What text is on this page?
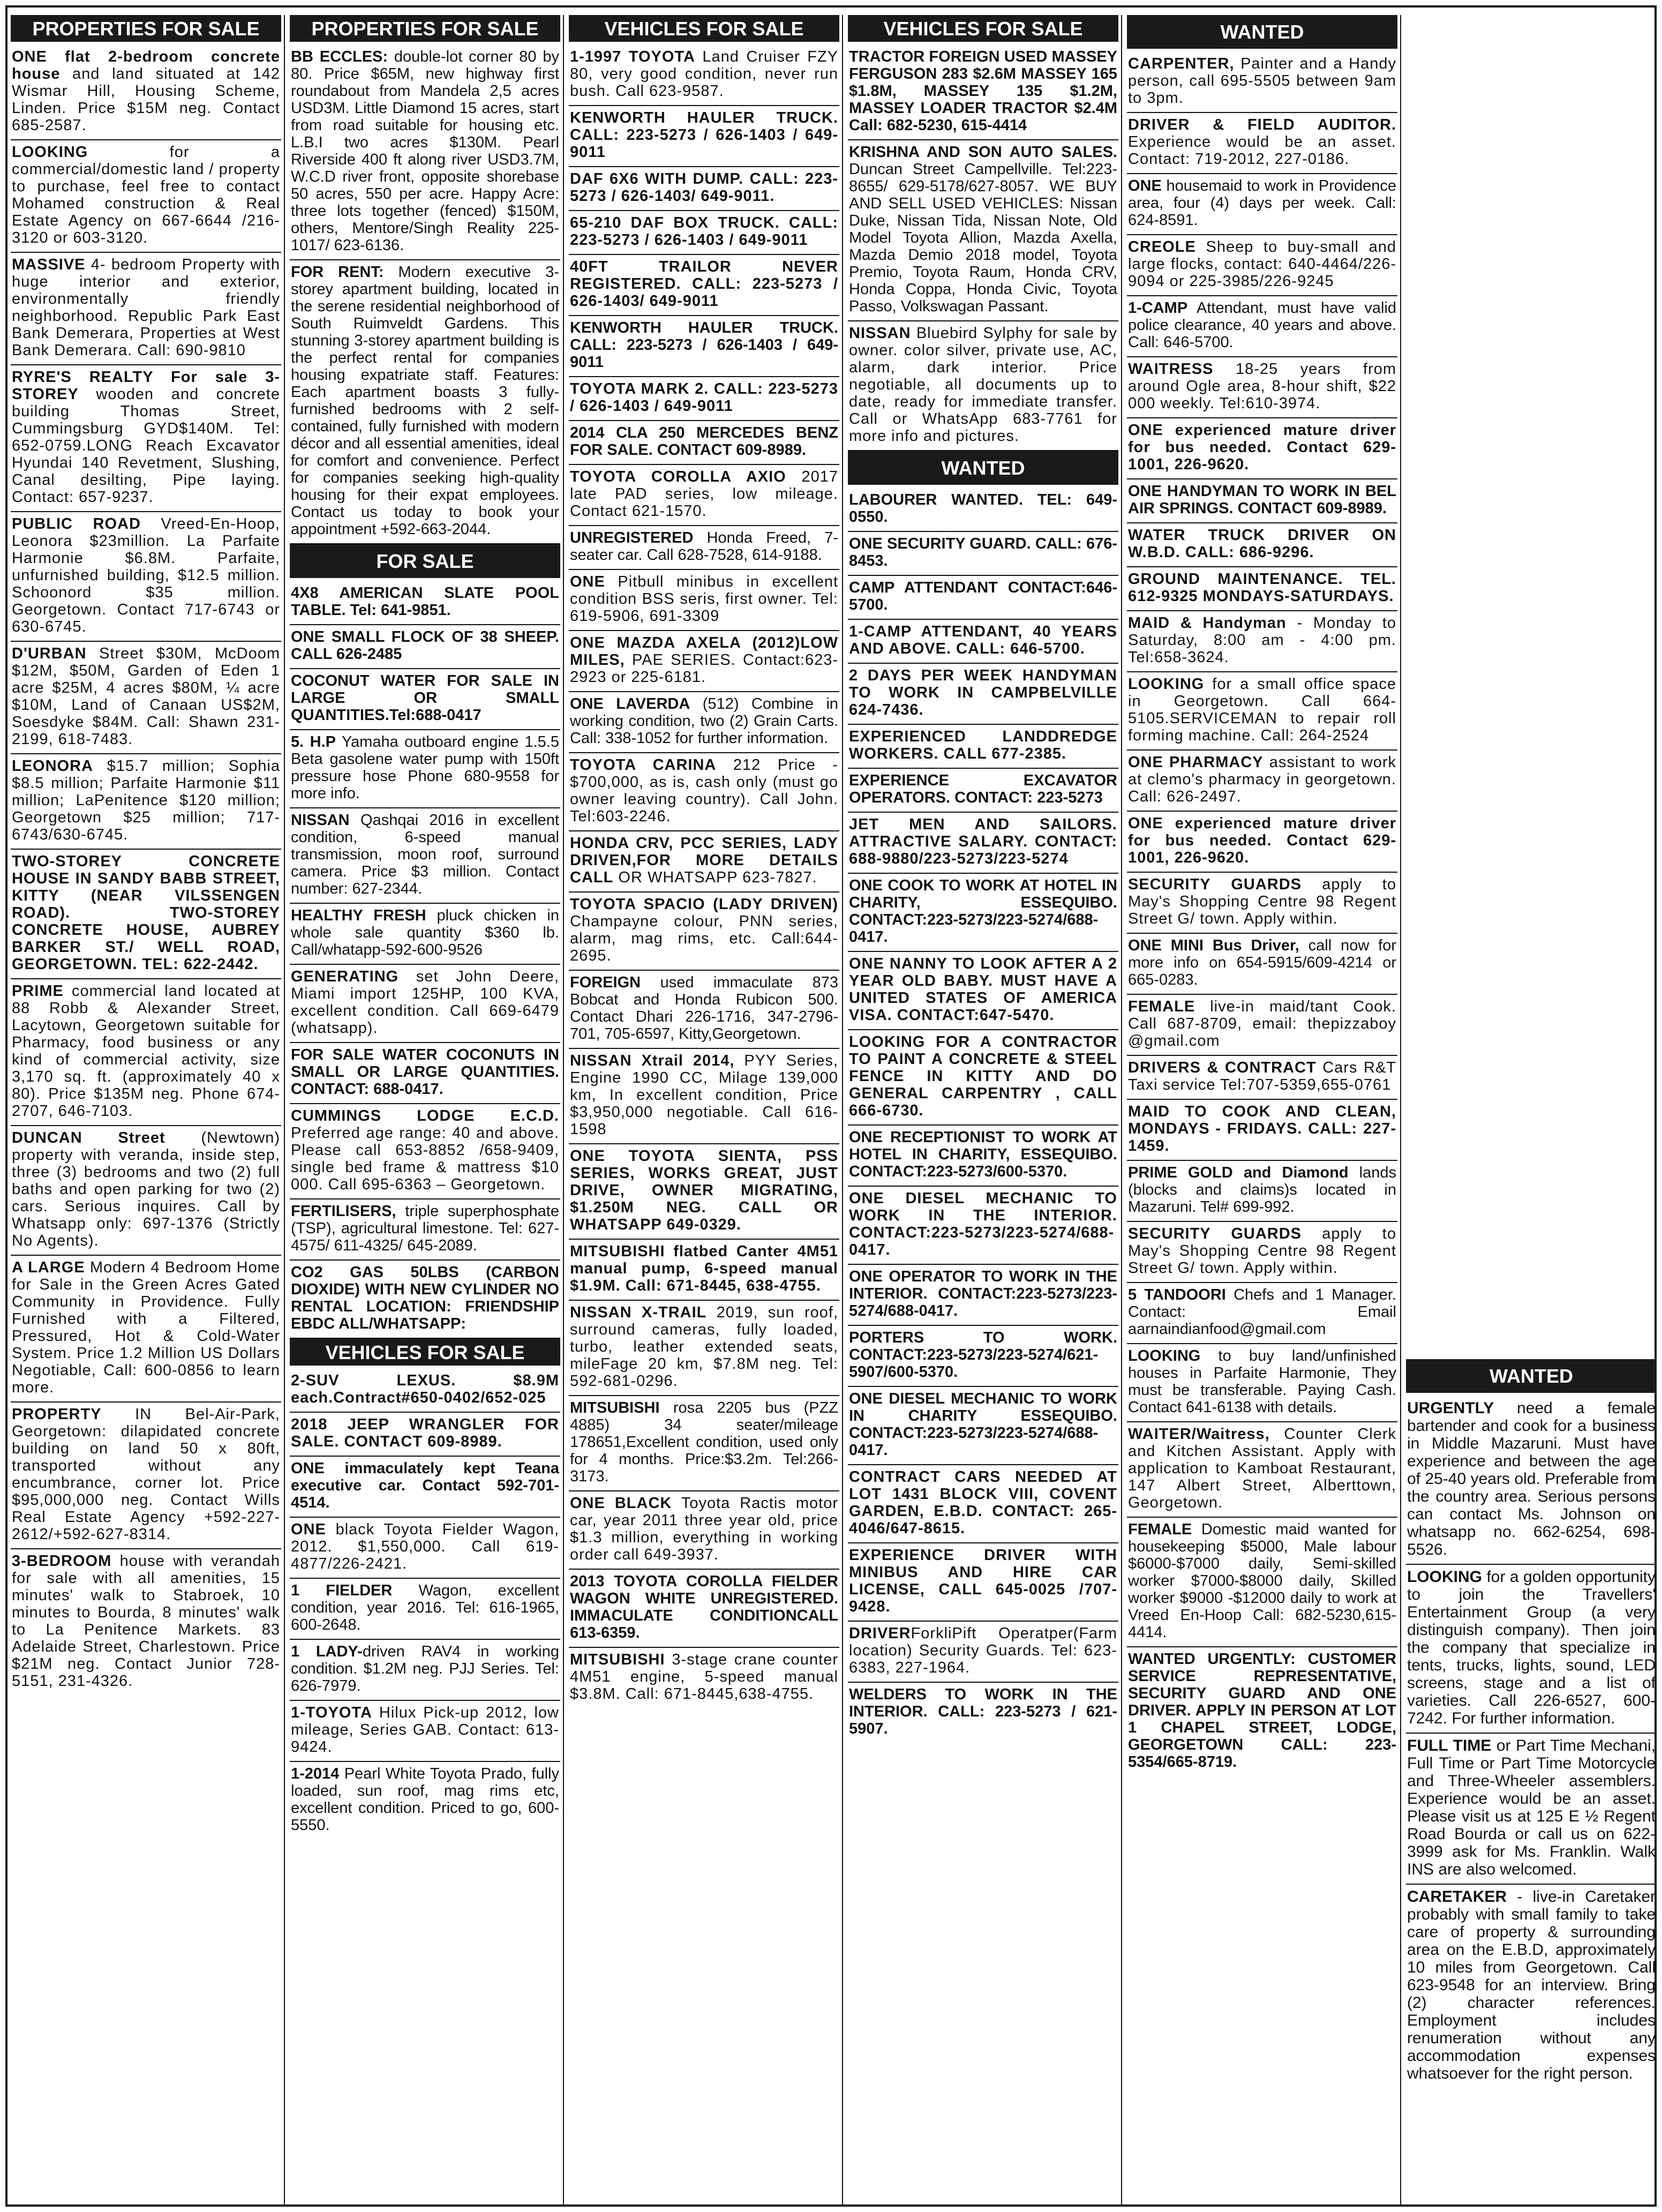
PROPERTIES FOR SALE
ONE flat 2-bedroom concrete house and land situated at 142 Wismar Hill, Housing Scheme, Linden. Price $15M neg. Contact 685-2587.
LOOKING for a commercial/domestic land / property to purchase, feel free to contact Mohamed construction & Real Estate Agency on 667-6644 /216-3120 or 603-3120.
MASSIVE 4- bedroom Property with huge interior and exterior, environmentally friendly neighborhood. Republic Park East Bank Demerara, Properties at West Bank Demerara. Call: 690-9810
RYRE'S REALTY For sale 3-STOREY wooden and concrete building Thomas Street, Cummingsburg GYD$140M. Tel: 652-0759.LONG Reach Excavator Hyundai 140 Revetment, Slushing, Canal desilting, Pipe laying. Contact: 657-9237.
PUBLIC ROAD Vreed-En-Hoop, Leonora $23million. La Parfaite Harmonie $6.8M. Parfaite, unfurnished building, $12.5 million. Schoonord $35 million. Georgetown. Contact 717-6743 or 630-6745.
D'URBAN Street $30M, McDoom $12M, $50M, Garden of Eden 1 acre $25M, 4 acres $80M, ¼ acre $10M, Land of Canaan US$2M, Soesdyke $84M. Call: Shawn 231-2199, 618-7483.
LEONORA $15.7 million; Sophia $8.5 million; Parfaite Harmonie $11 million; LaPenitence $120 million; Georgetown $25 million; 717-6743/630-6745.
TWO-STOREY CONCRETE HOUSE IN SANDY BABB STREET, KITTY (NEAR VILSSENGEN ROAD). TWO-STOREY CONCRETE HOUSE, AUBREY BARKER ST./ WELL ROAD, GEORGETOWN. TEL: 622-2442.
PRIME commercial land located at 88 Robb & Alexander Street, Lacytown, Georgetown suitable for Pharmacy, food business or any kind of commercial activity, size 3,170 sq. ft. (approximately 40 x 80). Price $135M neg. Phone 674-2707, 646-7103.
DUNCAN Street (Newtown) property with veranda, inside step, three (3) bedrooms and two (2) full baths and open parking for two (2) cars. Serious inquires. Call by Whatsapp only: 697-1376 (Strictly No Agents).
A LARGE Modern 4 Bedroom Home for Sale in the Green Acres Gated Community in Providence. Fully Furnished with a Filtered, Pressured, Hot & Cold-Water System. Price 1.2 Million US Dollars Negotiable, Call: 600-0856 to learn more.
PROPERTY IN Bel-Air-Park, Georgetown: dilapidated concrete building on land 50 x 80ft, transported without any encumbrance, corner lot. Price $95,000,000 neg. Contact Wills Real Estate Agency +592-227-2612/+592-627-8314.
3-BEDROOM house with verandah for sale with all amenities, 15 minutes' walk to Stabroek, 10 minutes to Bourda, 8 minutes' walk to La Penitence Markets. 83 Adelaide Street, Charlestown. Price $21M neg. Contact Junior 728-5151, 231-4326.
PROPERTIES FOR SALE
BB ECCLES: double-lot corner 80 by 80. Price $65M, new highway first roundabout from Mandela 2,5 acres USD3M. Little Diamond 15 acres, start from road suitable for housing etc. L.B.I two acres $130M. Pearl Riverside 400 ft along river USD3.7M, W.C.D river front, opposite shorebase 50 acres, 550 per acre. Happy Acre: three lots together (fenced) $150M, others, Mentore/Singh Reality 225-1017/ 623-6136.
FOR RENT: Modern executive 3-storey apartment building, located in the serene residential neighborhood of South Ruimveldt Gardens. This stunning 3-storey apartment building is the perfect rental for companies housing expatriate staff. Features: Each apartment boasts 3 fully- furnished bedrooms with 2 self-contained, fully furnished with modern décor and all essential amenities, ideal for comfort and convenience. Perfect for companies seeking high-quality housing for their expat employees. Contact us today to book your appointment +592-663-2044.
FOR SALE
4X8 AMERICAN SLATE POOL TABLE. Tel: 641-9851.
ONE SMALL FLOCK OF 38 SHEEP. CALL 626-2485
COCONUT WATER FOR SALE IN LARGE OR SMALL QUANTITIES.Tel:688-0417
5. H.P Yamaha outboard engine 1.5.5 Beta gasolene water pump with 150ft pressure hose Phone 680-9558 for more info.
NISSAN Qashqai 2016 in excellent condition, 6-speed manual transmission, moon roof, surround camera. Price $3 million. Contact number: 627-2344.
HEALTHY FRESH pluck chicken in whole sale quantity $360 lb. Call/whatapp-592-600-9526
GENERATING set John Deere, Miami import 125HP, 100 KVA, excellent condition. Call 669-6479 (whatsapp).
FOR SALE WATER COCONUTS IN SMALL OR LARGE QUANTITIES. CONTACT: 688-0417.
CUMMINGS LODGE E.C.D. Preferred age range: 40 and above. Please call 653-8852 /658-9409, single bed frame & mattress $10 000. Call 695-6363 – Georgetown.
FERTILISERS, triple superphosphate (TSP), agricultural limestone. Tel: 627-4575/ 611-4325/ 645-2089.
CO2 GAS 50LBS (CARBON DIOXIDE) WITH NEW CYLINDER NO RENTAL LOCATION: FRIENDSHIP EBDC ALL/WHATSAPP:
VEHICLES FOR SALE
2-SUV LEXUS. $8.9M each.Contract#650-0402/652-025
2018 JEEP WRANGLER FOR SALE. CONTACT 609-8989.
ONE immaculately kept Teana executive car. Contact 592-701-4514.
ONE black Toyota Fielder Wagon, 2012. $1,550,000. Call 619-4877/226-2421.
1 FIELDER Wagon, excellent condition, year 2016. Tel: 616-1965, 600-2648.
1 LADY-driven RAV4 in working condition. $1.2M neg. PJJ Series. Tel: 626-7979.
1-TOYOTA Hilux Pick-up 2012, low mileage, Series GAB. Contact: 613-9424.
1-2014 Pearl White Toyota Prado, fully loaded, sun roof, mag rims etc, excellent condition. Priced to go, 600-5550.
VEHICLES FOR SALE
1-1997 TOYOTA Land Cruiser FZY 80, very good condition, never run bush. Call 623-9587.
KENWORTH HAULER TRUCK. CALL: 223-5273 / 626-1403 / 649-9011
DAF 6X6 WITH DUMP. CALL: 223-5273 / 626-1403/ 649-9011.
65-210 DAF BOX TRUCK. CALL: 223-5273 / 626-1403 / 649-9011
40FT TRAILOR NEVER REGISTERED. CALL: 223-5273 / 626-1403/ 649-9011
KENWORTH HAULER TRUCK. CALL: 223-5273 / 626-1403 / 649-9011
TOYOTA MARK 2. CALL: 223-5273 / 626-1403 / 649-9011
2014 CLA 250 MERCEDES BENZ FOR SALE. CONTACT 609-8989.
TOYOTA COROLLA AXIO 2017 late PAD series, low mileage. Contact 621-1570.
UNREGISTERED Honda Freed, 7-seater car. Call 628-7528, 614-9188.
ONE Pitbull minibus in excellent condition BSS seris, first owner. Tel: 619-5906, 691-3309
ONE MAZDA AXELA (2012)LOW MILES, PAE SERIES. Contact:623-2923 or 225-6181.
ONE LAVERDA (512) Combine in working condition, two (2) Grain Carts. Call: 338-1052 for further information.
TOYOTA CARINA 212 Price - $700,000, as is, cash only (must go owner leaving country). Call John. Tel:603-2246.
HONDA CRV, PCC SERIES, LADY DRIVEN,FOR MORE DETAILS CALL OR WHATSAPP 623-7827.
TOYOTA SPACIO (LADY DRIVEN) Champayne colour, PNN series, alarm, mag rims, etc. Call:644-2695.
FOREIGN used immaculate 873 Bobcat and Honda Rubicon 500. Contact Dhari 226-1716, 347-2796-701, 705-6597, Kitty,Georgetown.
NISSAN Xtrail 2014, PYY Series, Engine 1990 CC, Milage 139,000 km, In excellent condition, Price $3,950,000 negotiable. Call 616-1598
ONE TOYOTA SIENTA, PSS SERIES, WORKS GREAT, JUST DRIVE, OWNER MIGRATING, $1.250M NEG. CALL OR WHATSAPP 649-0329.
MITSUBISHI flatbed Canter 4M51 manual pump, 6-speed manual $1.9M. Call: 671-8445, 638-4755.
NISSAN X-TRAIL 2019, sun roof, surround cameras, fully loaded, turbo, leather extended seats, mileFage 20 km, $7.8M neg. Tel: 592-681-0296.
MITSUBISHI rosa 2205 bus (PZZ 4885) 34 seater/mileage 178651,Excellent condition, used only for 4 months. Price:$3.2m. Tel:266-3173.
ONE BLACK Toyota Ractis motor car, year 2011 three year old, price $1.3 million, everything in working order call 649-3937.
2013 TOYOTA COROLLA FIELDER WAGON WHITE UNREGISTERED. IMMACULATE CONDITIONCALL 613-6359.
MITSUBISHI 3-stage crane counter 4M51 engine, 5-speed manual $3.8M. Call: 671-8445,638-4755.
VEHICLES FOR SALE
TRACTOR FOREIGN USED MASSEY FERGUSON 283 $2.6M MASSEY 165 $1.8M, MASSEY 135 $1.2M, MASSEY LOADER TRACTOR $2.4M Call: 682-5230, 615-4414
KRISHNA AND SON AUTO SALES. Duncan Street Campellville. Tel:223-8655/ 629-5178/627-8057. WE BUY AND SELL USED VEHICLES: Nissan Duke, Nissan Tida, Nissan Note, Old Model Toyota Allion, Mazda Axella, Mazda Demio 2018 model, Toyota Premio, Toyota Raum, Honda CRV, Honda Coppa, Honda Civic, Toyota Passo, Volkswagan Passant.
NISSAN Bluebird Sylphy for sale by owner. color silver, private use, AC, alarm, dark interior. Price negotiable, all documents up to date, ready for immediate transfer. Call or WhatsApp 683-7761 for more info and pictures.
WANTED
LABOURER WANTED. TEL: 649-0550.
ONE SECURITY GUARD. CALL: 676-8453.
CAMP ATTENDANT CONTACT:646-5700.
1-CAMP ATTENDANT, 40 YEARS AND ABOVE. CALL: 646-5700.
2 DAYS PER WEEK HANDYMAN TO WORK IN CAMPBELVILLE 624-7436.
EXPERIENCED LANDDREDGE WORKERS. CALL 677-2385.
EXPERIENCE EXCAVATOR OPERATORS. CONTACT: 223-5273
JET MEN AND SAILORS. ATTRACTIVE SALARY. CONTACT: 688-9880/223-5273/223-5274
ONE COOK TO WORK AT HOTEL IN CHARITY, ESSEQUIBO. CONTACT:223-5273/223-5274/688-0417.
ONE NANNY TO LOOK AFTER A 2 YEAR OLD BABY. MUST HAVE A UNITED STATES OF AMERICA VISA. CONTACT:647-5470.
LOOKING FOR A CONTRACTOR TO PAINT A CONCRETE & STEEL FENCE IN KITTY AND DO GENERAL CARPENTRY , CALL 666-6730.
ONE RECEPTIONIST TO WORK AT HOTEL IN CHARITY, ESSEQUIBO. CONTACT:223-5273/600-5370.
ONE DIESEL MECHANIC TO WORK IN THE INTERIOR. CONTACT:223-5273/223-5274/688-0417.
ONE OPERATOR TO WORK IN THE INTERIOR. CONTACT:223-5273/223-5274/688-0417.
PORTERS TO WORK. CONTACT:223-5273/223-5274/621-5907/600-5370.
ONE DIESEL MECHANIC TO WORK IN CHARITY ESSEQUIBO. CONTACT:223-5273/223-5274/688-0417.
CONTRACT CARS NEEDED AT LOT 1431 BLOCK VIII, COVENT GARDEN, E.B.D. CONTACT: 265-4046/647-8615.
EXPERIENCE DRIVER WITH MINIBUS AND HIRE CAR LICENSE, CALL 645-0025 /707-9428.
DRIVERForkliPift Operatper(Farm location) Security Guards. Tel: 623-6383, 227-1964.
WELDERS TO WORK IN THE INTERIOR. CALL: 223-5273 / 621-5907.
WANTED
CARPENTER, Painter and a Handy person, call 695-5505 between 9am to 3pm.
DRIVER & FIELD AUDITOR. Experience would be an asset. Contact: 719-2012, 227-0186.
ONE housemaid to work in Providence area, four (4) days per week. Call: 624-8591.
CREOLE Sheep to buy-small and large flocks, contact: 640-4464/226-9094 or 225-3985/226-9245
1-CAMP Attendant, must have valid police clearance, 40 years and above. Call: 646-5700.
WAITRESS 18-25 years from around Ogle area, 8-hour shift, $22 000 weekly. Tel:610-3974.
ONE experienced mature driver for bus needed. Contact 629-1001, 226-9620.
ONE HANDYMAN TO WORK IN BEL AIR SPRINGS. CONTACT 609-8989.
WATER TRUCK DRIVER ON W.B.D. CALL: 686-9296.
GROUND MAINTENANCE. TEL. 612-9325 MONDAYS-SATURDAYS.
MAID & Handyman - Monday to Saturday, 8:00 am - 4:00 pm. Tel:658-3624.
LOOKING for a small office space in Georgetown. Call 664-5105.SERVICEMAN to repair roll forming machine. Call: 264-2524
ONE PHARMACY assistant to work at clemo's pharmacy in georgetown. Call: 626-2497.
ONE experienced mature driver for bus needed. Contact 629-1001, 226-9620.
SECURITY GUARDS apply to May's Shopping Centre 98 Regent Street G/ town. Apply within.
ONE MINI Bus Driver, call now for more info on 654-5915/609-4214 or 665-0283.
FEMALE live-in maid/tant Cook. Call 687-8709, email: thepizzaboy @gmail.com
DRIVERS & CONTRACT Cars R&T Taxi service Tel:707-5359,655-0761
MAID TO COOK AND CLEAN, MONDAYS - FRIDAYS. CALL: 227-1459.
PRIME GOLD and Diamond lands (blocks and claims)s located in Mazaruni. Tel# 699-992.
SECURITY GUARDS apply to May's Shopping Centre 98 Regent Street G/ town. Apply within.
5 TANDOORI Chefs and 1 Manager. Contact: Email aarnaindianfood@gmail.com
LOOKING to buy land/unfinished houses in Parfaite Harmonie, They must be transferable. Paying Cash. Contact 641-6138 with details.
WAITER/Waitress, Counter Clerk and Kitchen Assistant. Apply with application to Kamboat Restaurant, 147 Albert Street, Alberttown, Georgetown.
FEMALE Domestic maid wanted for housekeeping $5000, Male labour $6000-$7000 daily, Semi-skilled worker $7000-$8000 daily, Skilled worker $9000 -$12000 daily to work at Vreed En-Hoop Call: 682-5230,615- 4414.
WANTED URGENTLY: CUSTOMER SERVICE REPRESENTATIVE, SECURITY GUARD AND ONE DRIVER. APPLY IN PERSON AT LOT 1 CHAPEL STREET, LODGE, GEORGETOWN CALL: 223-5354/665-8719.
WANTED
URGENTLY need a female bartender and cook for a business in Middle Mazaruni. Must have experience and between the age of 25-40 years old. Preferable from the country area. Serious persons can contact Ms. Johnson on whatsapp no. 662-6254, 698-5526.
LOOKING for a golden opportunity to join the Travellers' Entertainment Group (a very distinguish company). Then join the company that specialize in tents, trucks, lights, sound, LED screens, stage and a list of varieties. Call 226-6527, 600-7242. For further information.
FULL TIME or Part Time Mechani, Full Time or Part Time Motorcycle and Three-Wheeler assemblers. Experience would be an asset. Please visit us at 125 E ½ Regent Road Bourda or call us on 622-3999 ask for Ms. Franklin. Walk INS are also welcomed.
CARETAKER - live-in Caretaker probably with small family to take care of property & surrounding area on the E.B.D, approximately 10 miles from Georgetown. Call 623-9548 for an interview. Bring (2) character references. Employment includes renumeration without any accommodation expenses whatsoever for the right person.
